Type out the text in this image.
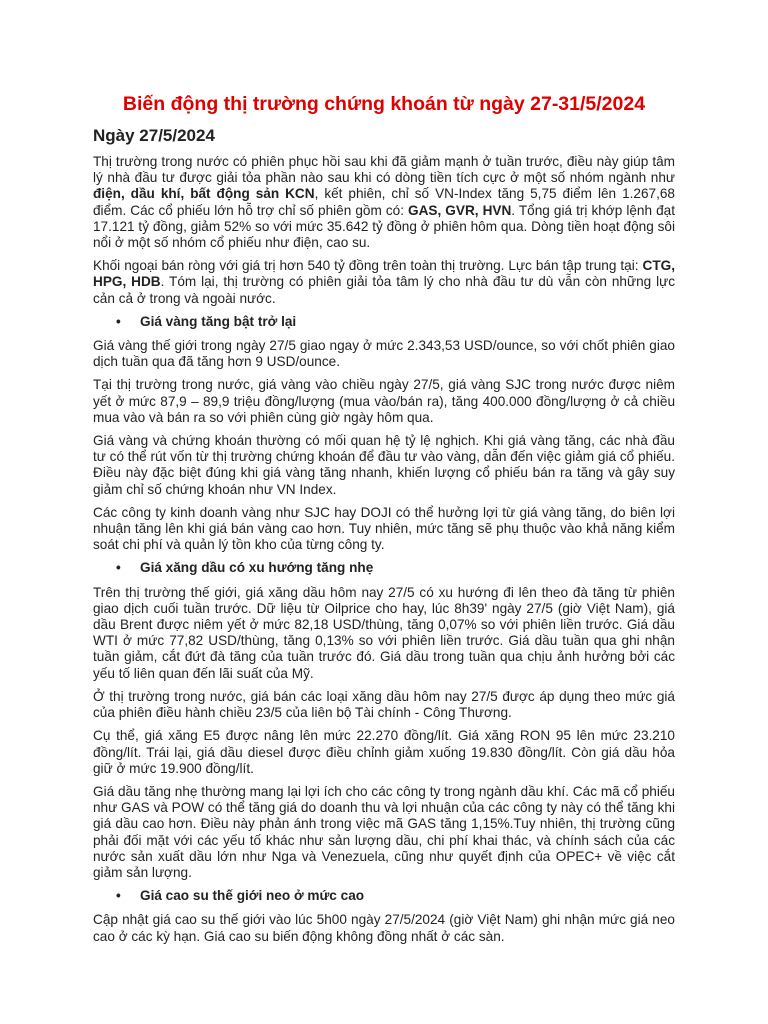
Biến động thị trường chứng khoán từ ngày 27-31/5/2024
Ngày 27/5/2024

Thị trường trong nước có phiên phục hồi sau khi đã giảm mạnh ở tuần trước, điều này giúp tâm lý nhà đầu tư được giải tỏa phần nào sau khi có dòng tiền tích cực ở một số nhóm ngành như điện, dầu khí, bất động sản KCN, kết phiên, chỉ số VN-Index tăng 5,75 điểm lên 1.267,68 điểm. Các cổ phiếu lớn hỗ trợ chỉ số phiên gồm có: GAS, GVR, HVN. Tổng giá trị khớp lệnh đạt 17.121 tỷ đồng, giảm 52% so với mức 35.642 tỷ đồng ở phiên hôm qua. Dòng tiền hoạt động sôi nổi ở một số nhóm cổ phiếu như điện, cao su.

Khối ngoại bán ròng với giá trị hơn 540 tỷ đồng trên toàn thị trường. Lực bán tập trung tại: CTG, HPG, HDB. Tóm lại, thị trường có phiên giải tỏa tâm lý cho nhà đầu tư dù vẫn còn những lực cản cả ở trong và ngoài nước.

• Giá vàng tăng bật trở lại

Giá vàng thế giới trong ngày 27/5 giao ngay ở mức 2.343,53 USD/ounce, so với chốt phiên giao dịch tuần qua đã tăng hơn 9 USD/ounce.

Tại thị trường trong nước, giá vàng vào chiều ngày 27/5, giá vàng SJC trong nước được niêm yết ở mức 87,9 – 89,9 triệu đồng/lượng (mua vào/bán ra), tăng 400.000 đồng/lượng ở cả chiều mua vào và bán ra so với phiên cùng giờ ngày hôm qua.

Giá vàng và chứng khoán thường có mối quan hệ tỷ lệ nghịch. Khi giá vàng tăng, các nhà đầu tư có thể rút vốn từ thị trường chứng khoán để đầu tư vào vàng, dẫn đến việc giảm giá cổ phiếu. Điều này đặc biệt đúng khi giá vàng tăng nhanh, khiến lượng cổ phiếu bán ra tăng và gây suy giảm chỉ số chứng khoán như VN Index.

Các công ty kinh doanh vàng như SJC hay DOJI có thể hưởng lợi từ giá vàng tăng, do biên lợi nhuận tăng lên khi giá bán vàng cao hơn. Tuy nhiên, mức tăng sẽ phụ thuộc vào khả năng kiểm soát chi phí và quản lý tồn kho của từng công ty.

• Giá xăng dầu có xu hướng tăng nhẹ

Trên thị trường thế giới, giá xăng dầu hôm nay 27/5 có xu hướng đi lên theo đà tăng từ phiên giao dịch cuối tuần trước. Dữ liệu từ Oilprice cho hay, lúc 8h39' ngày 27/5 (giờ Việt Nam), giá dầu Brent được niêm yết ở mức 82,18 USD/thùng, tăng 0,07% so với phiên liền trước. Giá dầu WTI ở mức 77,82 USD/thùng, tăng 0,13% so với phiên liền trước. Giá dầu tuần qua ghi nhận tuần giảm, cắt đứt đà tăng của tuần trước đó. Giá dầu trong tuần qua chịu ảnh hưởng bởi các yếu tố liên quan đến lãi suất của Mỹ.

Ở thị trường trong nước, giá bán các loại xăng dầu hôm nay 27/5 được áp dụng theo mức giá của phiên điều hành chiều 23/5 của liên bộ Tài chính - Công Thương.

Cụ thể, giá xăng E5 được nâng lên mức 22.270 đồng/lít. Giá xăng RON 95 lên mức 23.210 đồng/lít. Trái lại, giá dầu diesel được điều chỉnh giảm xuống 19.830 đồng/lít. Còn giá dầu hỏa giữ ở mức 19.900 đồng/lít.

Giá dầu tăng nhẹ thường mang lại lợi ích cho các công ty trong ngành dầu khí. Các mã cổ phiếu như GAS và POW có thể tăng giá do doanh thu và lợi nhuận của các công ty này có thể tăng khi giá dầu cao hơn. Điều này phản ánh trong việc mã GAS tăng 1,15%.Tuy nhiên, thị trường cũng phải đối mặt với các yếu tố khác như sản lượng dầu, chi phí khai thác, và chính sách của các nước sản xuất dầu lớn như Nga và Venezuela, cũng như quyết định của OPEC+ về việc cắt giảm sản lượng.

• Giá cao su thế giới neo ở mức cao

Cập nhật giá cao su thế giới vào lúc 5h00 ngày 27/5/2024 (giờ Việt Nam) ghi nhận mức giá neo cao ở các kỳ hạn. Giá cao su biến động không đồng nhất ở các sàn.
